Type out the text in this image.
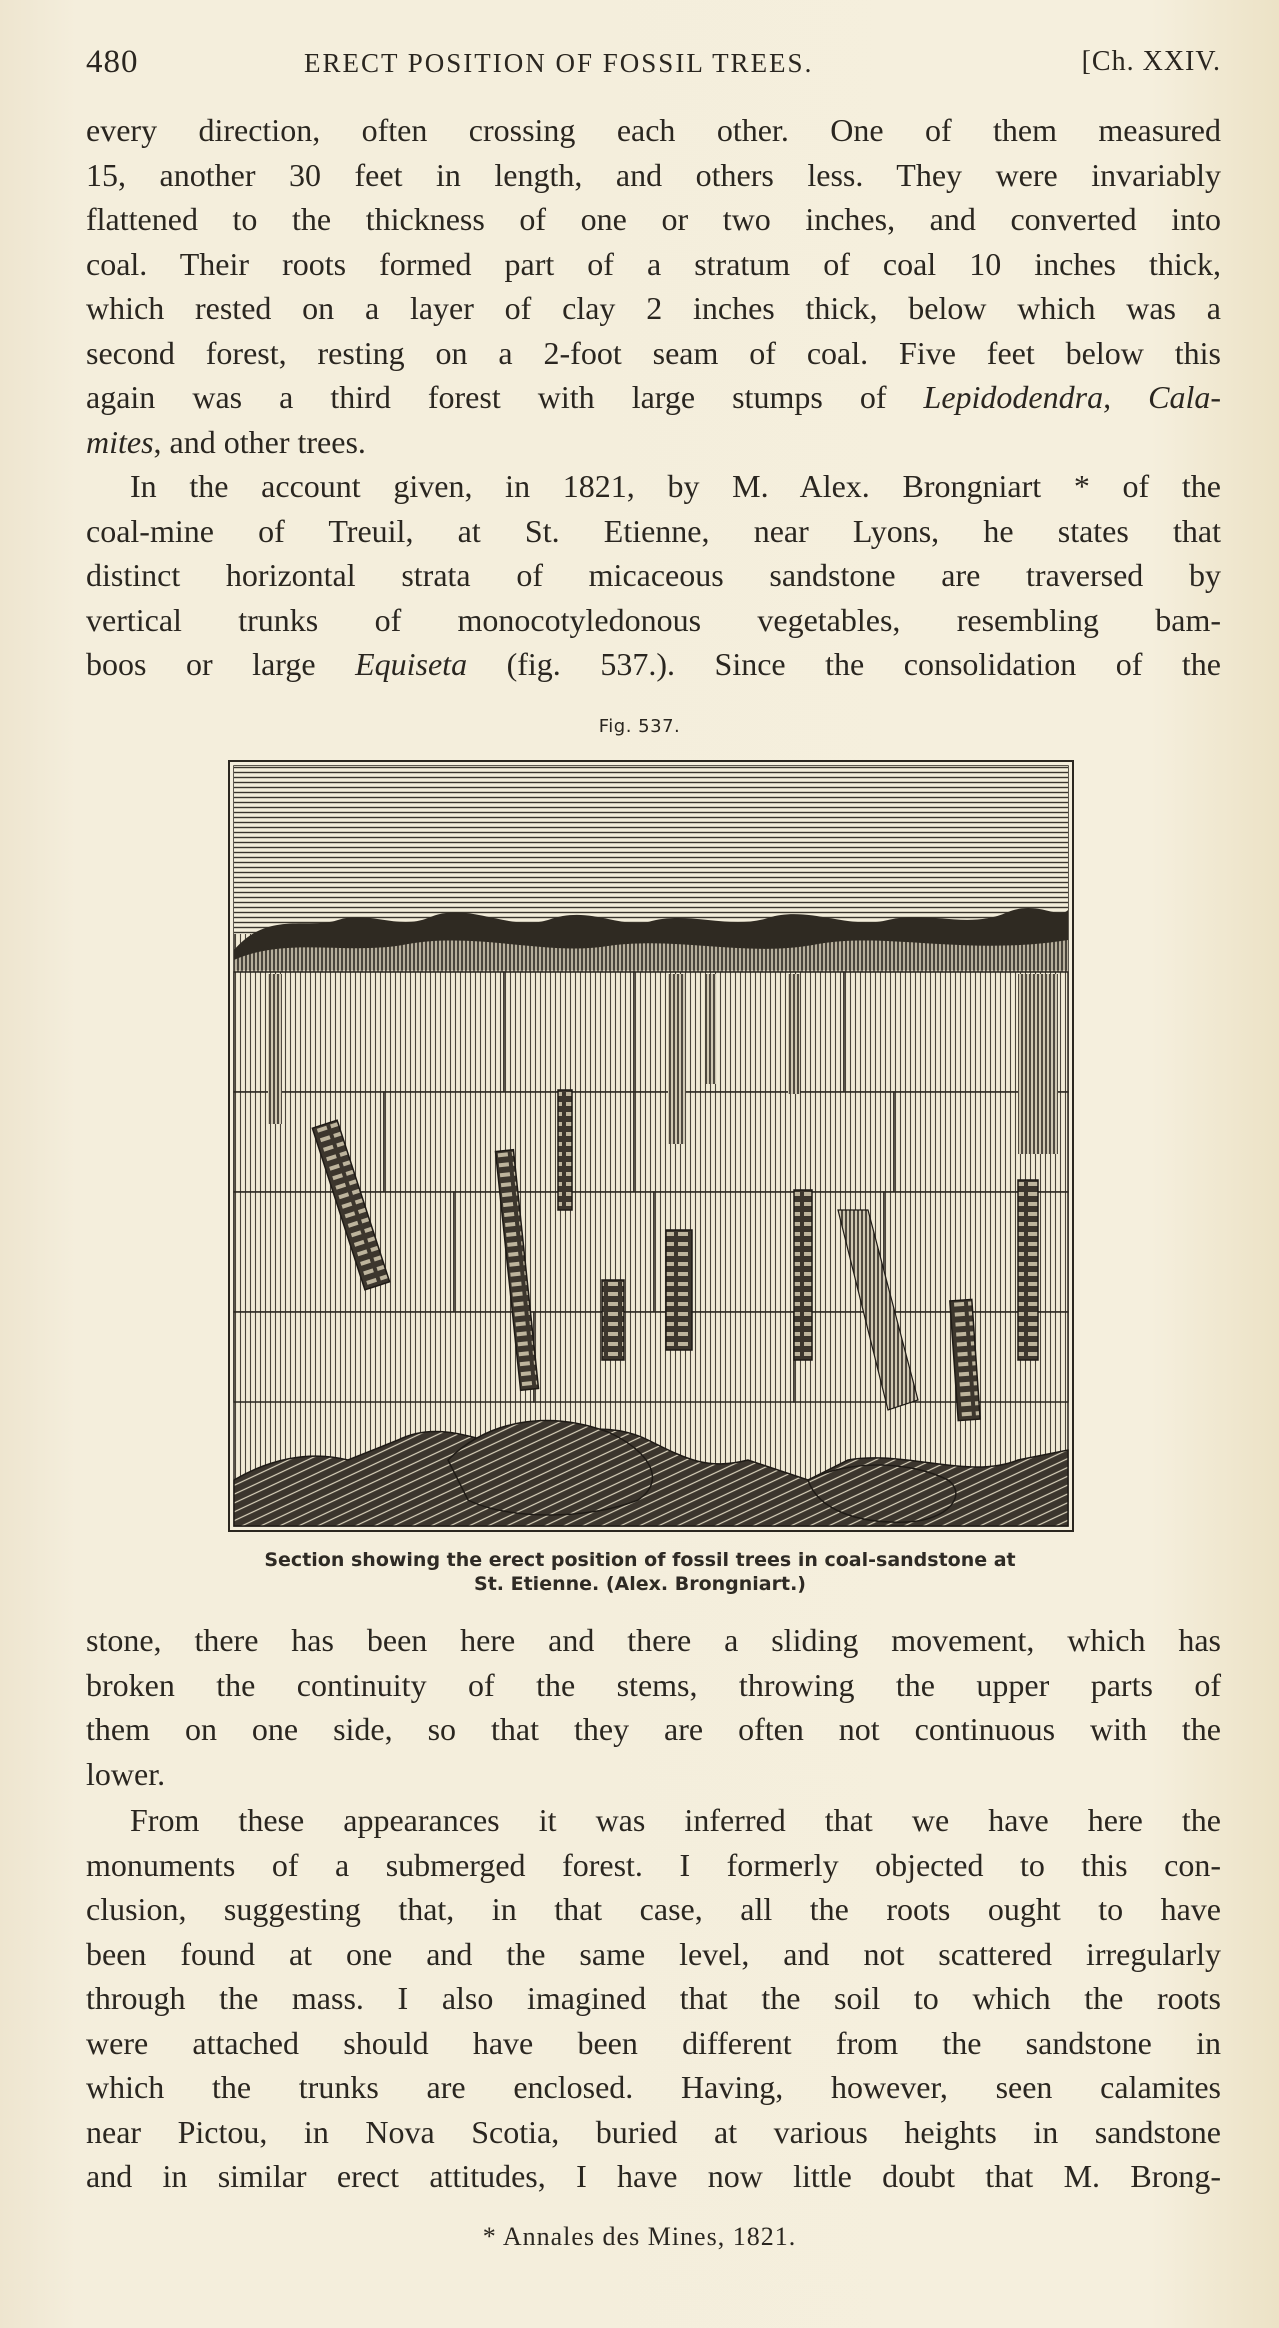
480	ERECT POSITION OF FOSSIL TREES.	[Ch. XXIV.
every direction, often crossing each other. One of them measured
15, another 30 feet in length, and others less. They were invariably
flattened to the thickness of one or two inches, and converted into
coal. Their roots formed part of a stratum of coal 10 inches thick,
which rested on a layer of clay 2 inches thick, below which was a
second forest, resting on a 2-foot seam of coal. Five feet below this
again was a third forest with large stumps of Lepidodendra, Cala-
mites, and other trees.
In the account given, in 1821, by M. Alex. Brongniart * of the
coal-mine of Treuil, at St. Etienne, near Lyons, he states that
distinct horizontal strata of micaceous sandstone are traversed by
vertical trunks of monocotyledonous vegetables, resembling bam-
boos or large Equiseta (fig. 537.). Since the consolidation of the
Fig. 537.
Section showing the erect position of fossil trees in coal-sandstone at
St. Etienne. (Alex. Brongniart.)
stone, there has been here and there a sliding movement, which has
broken the continuity of the stems, throwing the upper parts of
them on one side, so that they are often not continuous with the
lower.
From these appearances it was inferred that we have here the
monuments of a submerged forest. I formerly objected to this con-
clusion, suggesting that, in that case, all the roots ought to have
been found at one and the same level, and not scattered irregularly
through the mass. I also imagined that the soil to which the roots
were attached should have been different from the sandstone in
which the trunks are enclosed. Having, however, seen calamites
near Pictou, in Nova Scotia, buried at various heights in sandstone
and in similar erect attitudes, I have now little doubt that M. Brong-
* Annales des Mines, 1821.
